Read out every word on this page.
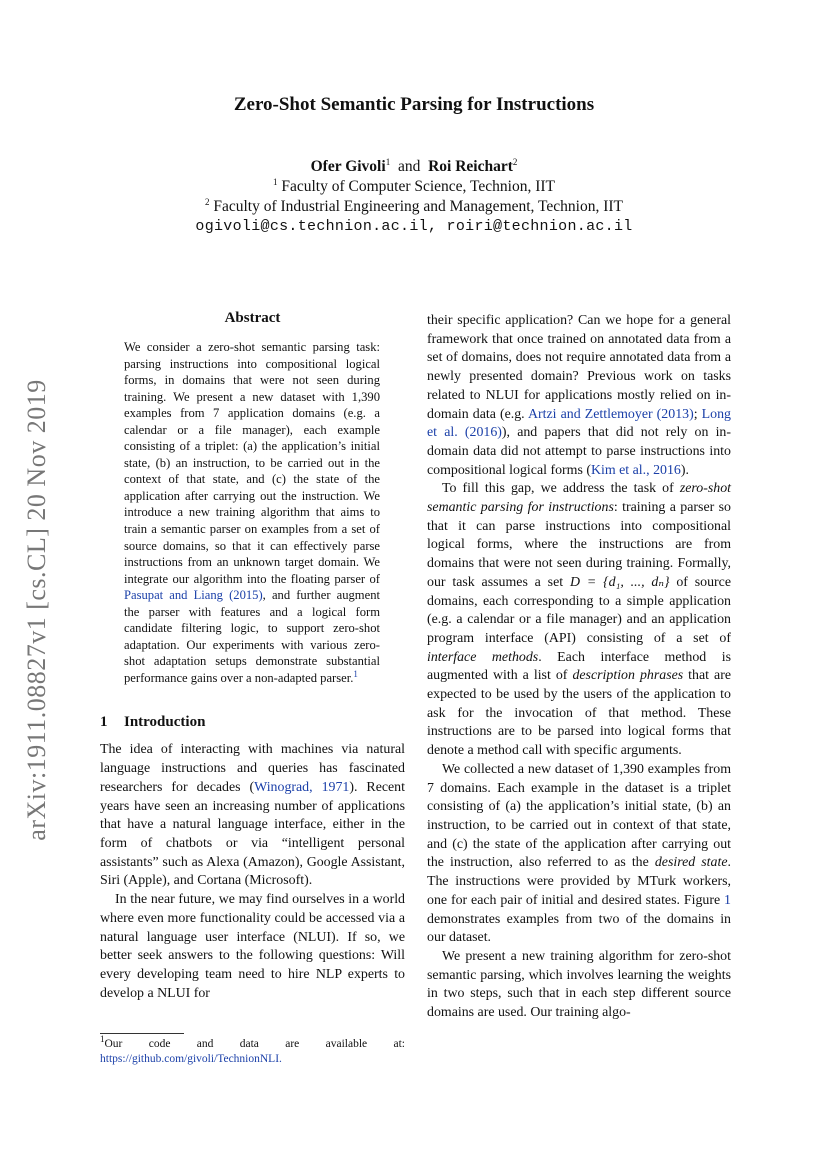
arXiv:1911.08827v1 [cs.CL] 20 Nov 2019
Zero-Shot Semantic Parsing for Instructions
Ofer Givoli$^1$ and Roi Reichart$^2$
$^1$ Faculty of Computer Science, Technion, IIT
$^2$ Faculty of Industrial Engineering and Management, Technion, IIT
ogivoli@cs.technion.ac.il, roiri@technion.ac.il
Abstract

We consider a zero-shot semantic parsing task: parsing instructions into compositional logical forms, in domains that were not seen during training. We present a new dataset with 1,390 examples from 7 application domains (e.g. a calendar or a file manager), each example consisting of a triplet: (a) the application’s initial state, (b) an instruction, to be carried out in the context of that state, and (c) the state of the application after carrying out the instruction. We introduce a new training algorithm that aims to train a semantic parser on examples from a set of source domains, so that it can effectively parse instructions from an unknown target domain. We integrate our algorithm into the floating parser of Pasupat and Liang (2015), and further augment the parser with features and a logical form candidate filtering logic, to support zero-shot adaptation. Our experiments with various zero-shot adaptation setups demonstrate substantial performance gains over a non-adapted parser.$^1$

1 Introduction

The idea of interacting with machines via natural language instructions and queries has fascinated researchers for decades (Winograd, 1971). Recent years have seen an increasing number of applications that have a natural language interface, either in the form of chatbots or via “intelligent personal assistants” such as Alexa (Amazon), Google Assistant, Siri (Apple), and Cortana (Microsoft).

In the near future, we may find ourselves in a world where even more functionality could be accessed via a natural language user interface (NLUI). If so, we better seek answers to the following questions: Will every developing team need to hire NLP experts to develop a NLUI for

$^1$Our code and data are available at:
https://github.com/givoli/TechnionNLI.

their specific application? Can we hope for a general framework that once trained on annotated data from a set of domains, does not require annotated data from a newly presented domain? Previous work on tasks related to NLUI for applications mostly relied on in-domain data (e.g. Artzi and Zettlemoyer (2013); Long et al. (2016)), and papers that did not rely on in-domain data did not attempt to parse instructions into compositional logical forms (Kim et al., 2016).

To fill this gap, we address the task of zero-shot semantic parsing for instructions: training a parser so that it can parse instructions into compositional logical forms, where the instructions are from domains that were not seen during training. Formally, our task assumes a set D = {d₁, ..., dₙ} of source domains, each corresponding to a simple application (e.g. a calendar or a file manager) and an application program interface (API) consisting of a set of interface methods. Each interface method is augmented with a list of description phrases that are expected to be used by the users of the application to ask for the invocation of that method. These instructions are to be parsed into logical forms that denote a method call with specific arguments.

We collected a new dataset of 1,390 examples from 7 domains. Each example in the dataset is a triplet consisting of (a) the application’s initial state, (b) an instruction, to be carried out in context of that state, and (c) the state of the application after carrying out the instruction, also referred to as the desired state. The instructions were provided by MTurk workers, one for each pair of initial and desired states. Figure 1 demonstrates examples from two of the domains in our dataset.

We present a new training algorithm for zero-shot semantic parsing, which involves learning the weights in two steps, such that in each step different source domains are used. Our training algo-
